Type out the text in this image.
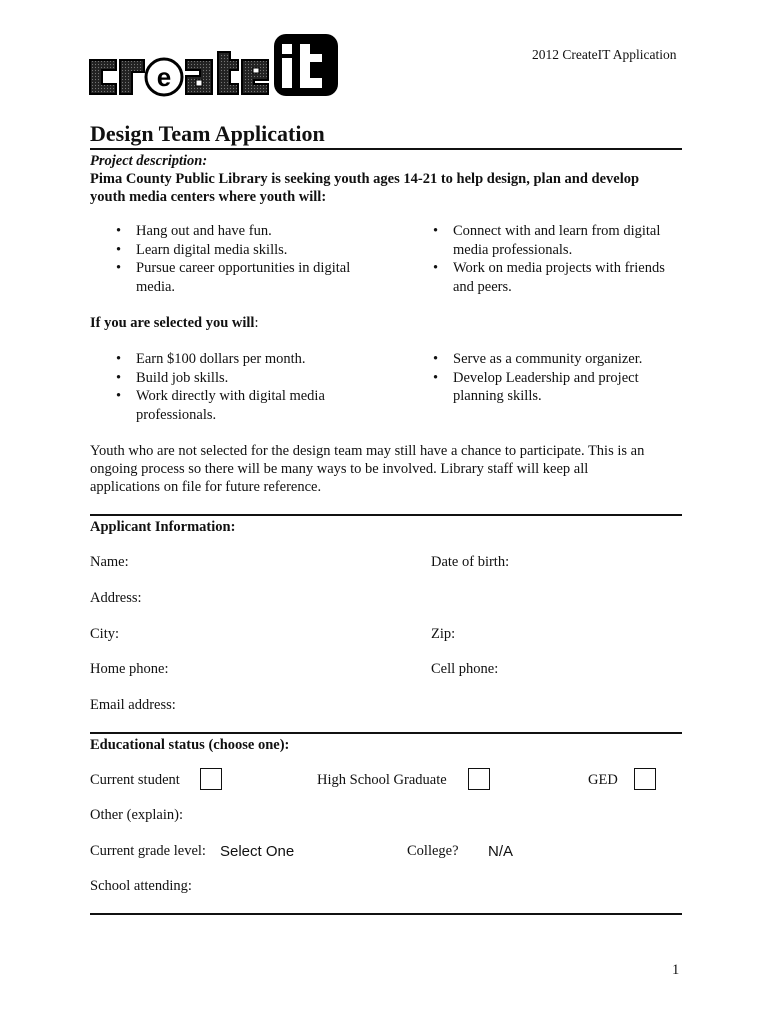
e
2012 CreateIT Application
Design Team Application
Project description:
Pima County Public Library is seeking youth ages 14-21 to help design, plan and develop
youth media centers where youth will:
• Hang out and have fun.
• Learn digital media skills.
• Pursue career opportunities in digital
media.
• Connect with and learn from digital
media professionals.
• Work on media projects with friends
and peers.
If you are selected you will:
• Earn $100 dollars per month.
• Build job skills.
• Work directly with digital media
professionals.
• Serve as a community organizer.
• Develop Leadership and project
planning skills.
Youth who are not selected for the design team may still have a chance to participate. This is an
ongoing process so there will be many ways to be involved. Library staff will keep all
applications on file for future reference.
Applicant Information:
Name:	Date of birth:
Address:
City:	Zip:
Home phone:	Cell phone:
Email address:
Educational status (choose one):
Current student	High School Graduate	GED
Other (explain):
Current grade level: Select One	College? N/A
School attending:
1
